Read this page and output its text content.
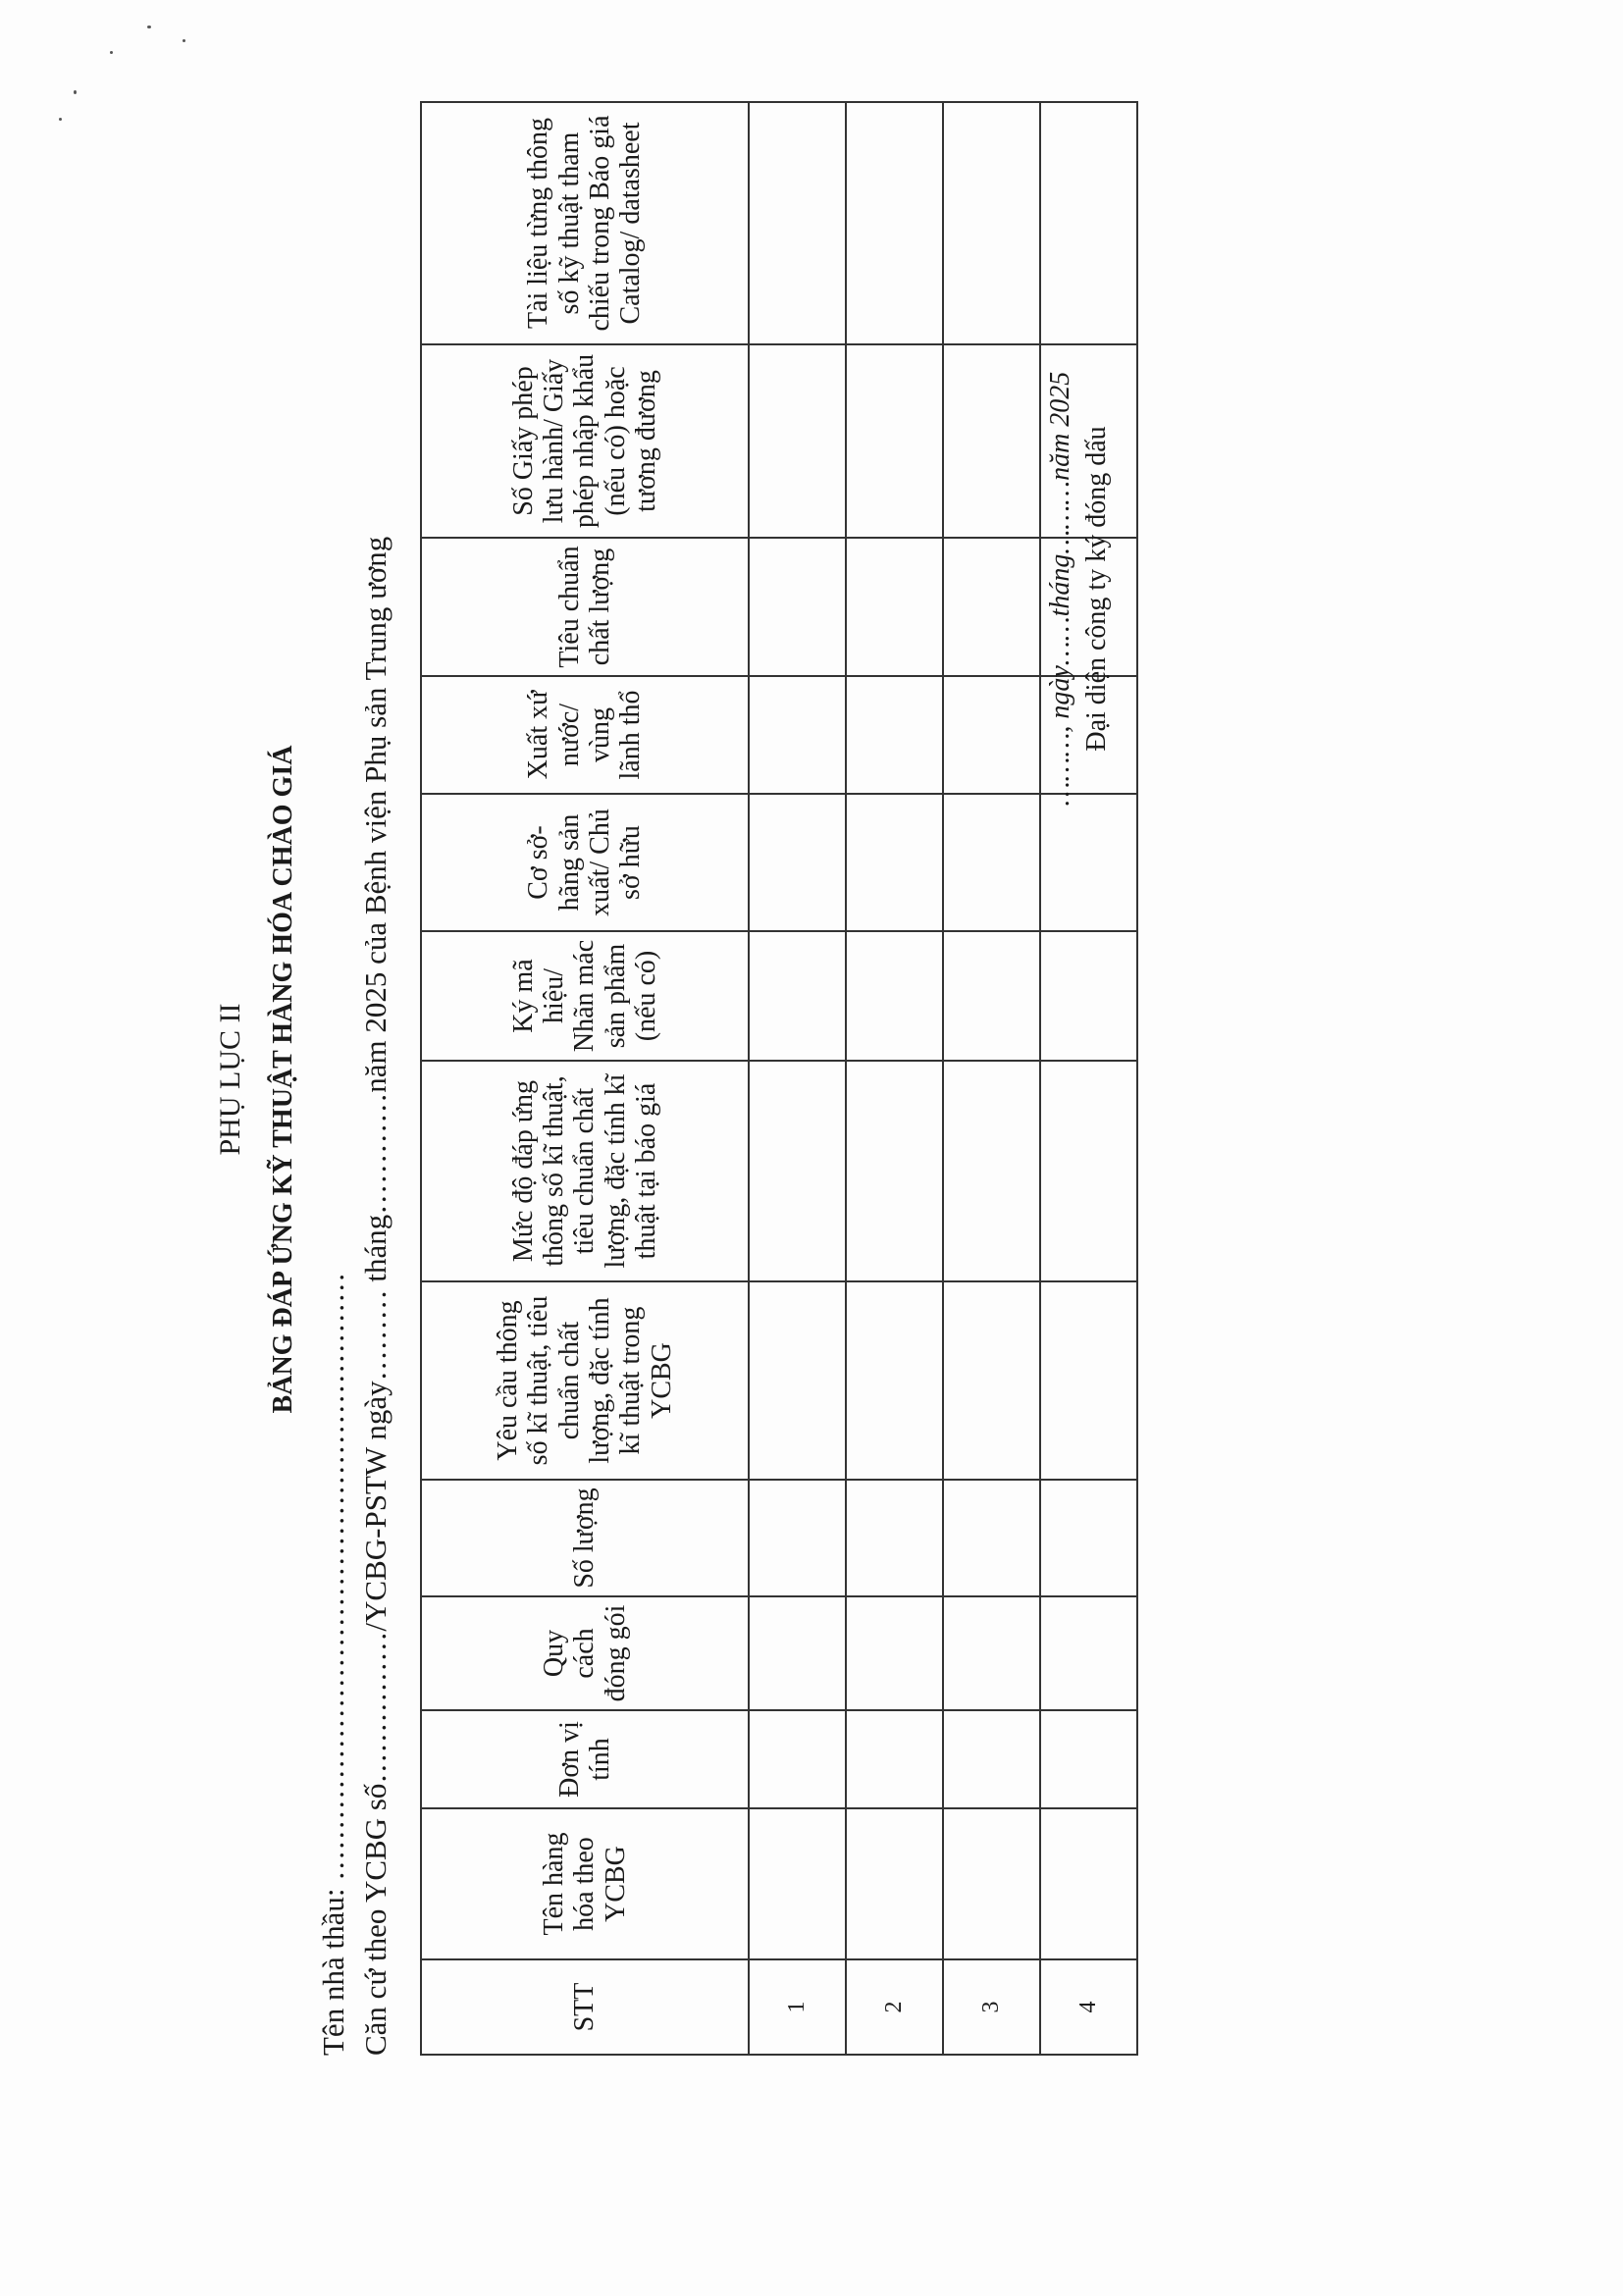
PHỤ LỤC II BẢNG ĐÁP ỨNG KỸ THUẬT HÀNG HÓA CHÀO GIÁ
Tên nhà thầu: …………………………………………………… Căn cứ theo YCBG số……………/YCBG-PSTW ngày……… tháng…………năm 2025 của Bệnh viện Phụ sản Trung ương	STT	Tên hàng hóa theo YCBG	Đơn vị tính	Quy cách đóng gói	Số lượng	Yêu cầu thông số kĩ thuật, tiêu chuẩn chất lượng, đặc tính kĩ thuật trong YCBG	Mức độ đáp ứng thông số kĩ thuật, tiêu chuẩn chất lượng, đặc tính kĩ thuật tại báo giá	Ký mã hiệu/ Nhãn mác sản phẩm (nếu có)	Cơ sở- hãng sản xuất/ Chủ sở hữu	Xuất xứ nước/ vùng lãnh thổ	Tiêu chuẩn chất lượng	Số Giấy phép lưu hành/ Giấy phép nhập khẩu (nếu có) hoặc tương đương	Tài liệu từng thông số kỹ thuật tham chiếu trong Báo giá Catalog/ datasheet
1												
2												
3												
4												
………, ngày……tháng………năm 2025 Đại diện công ty ký đóng dấu
